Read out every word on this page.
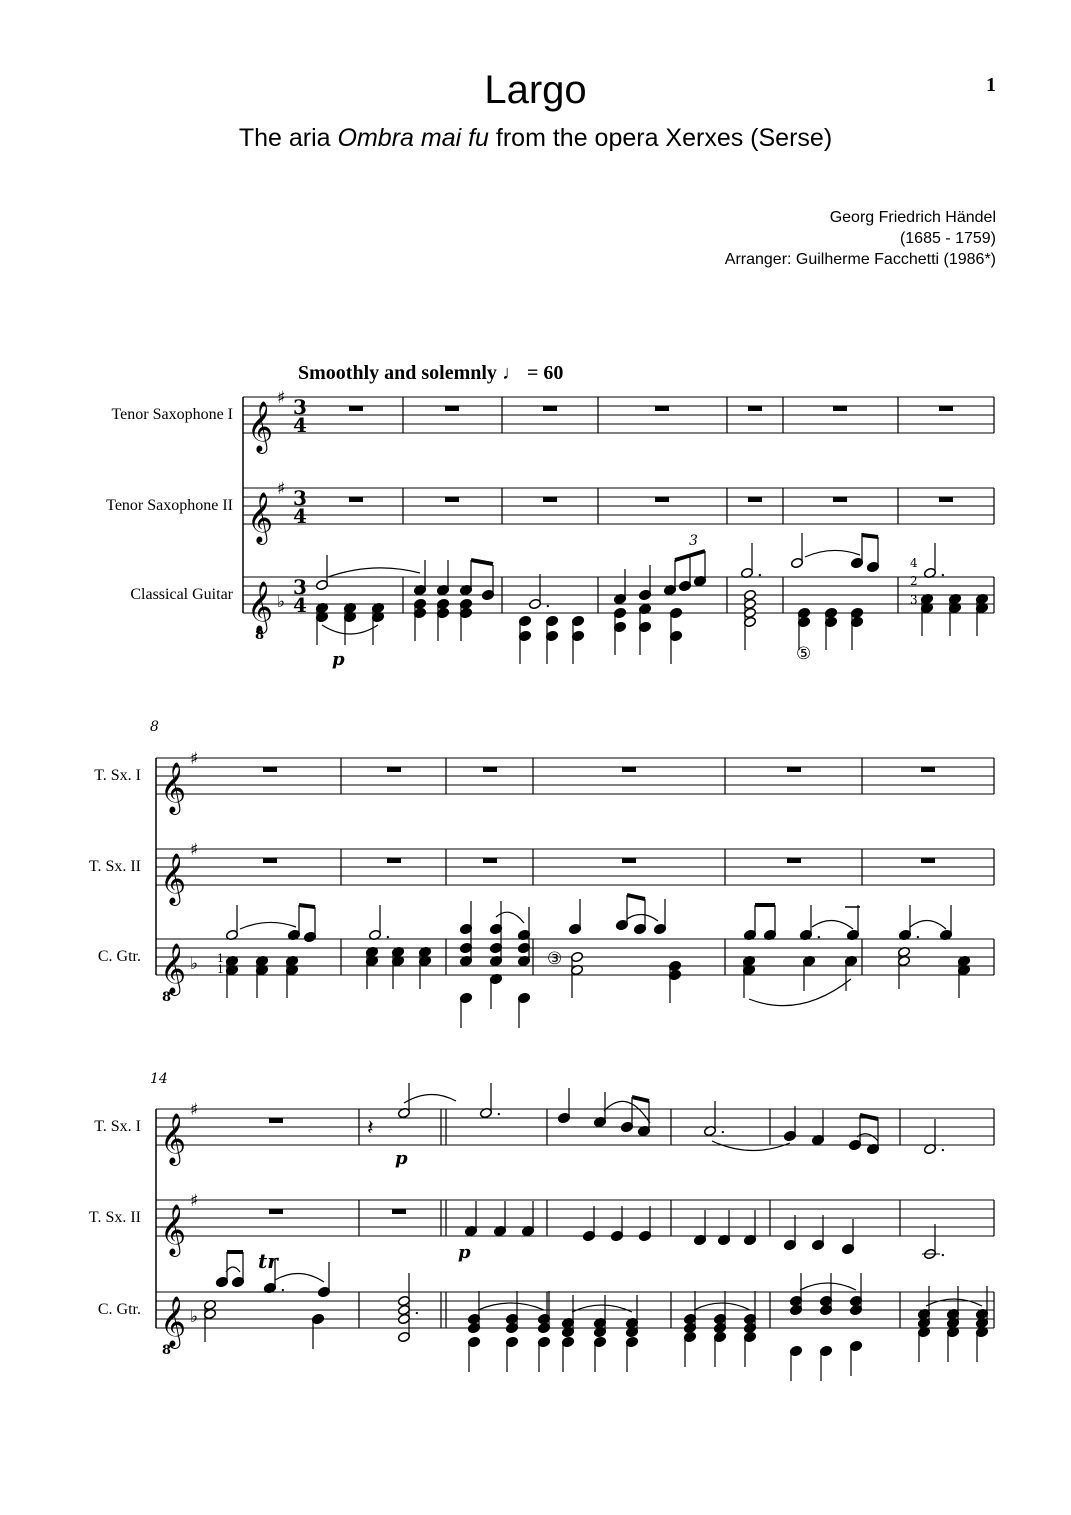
Largo
The aria Ombra mai fu from the opera Xerxes (Serse)
1
Georg Friedrich Händel
(1685 - 1759)
Arranger: Guilherme Facchetti (1986*)
Smoothly and solemnly ♩ = 60
𝄞
♯ 3
4
Tenor Saxophone I
𝄞
♯ 3
4
Tenor Saxophone II
𝄞 ♭
3
4
Classical Guitar
8
.
3
.
⑤
.
4
2
3
p
8
𝄞
♯
T. Sx. I
𝄞
♯
T. Sx. II
𝄞 ♭
C. Gtr.
8
1
1
.
③
.	.
14
𝄞
♯
T. Sx. I
𝄞
♯
T. Sx. II
𝄞 ♭
C. Gtr.
8
𝄽
.
.
.
p
.
p
.
tr
.
